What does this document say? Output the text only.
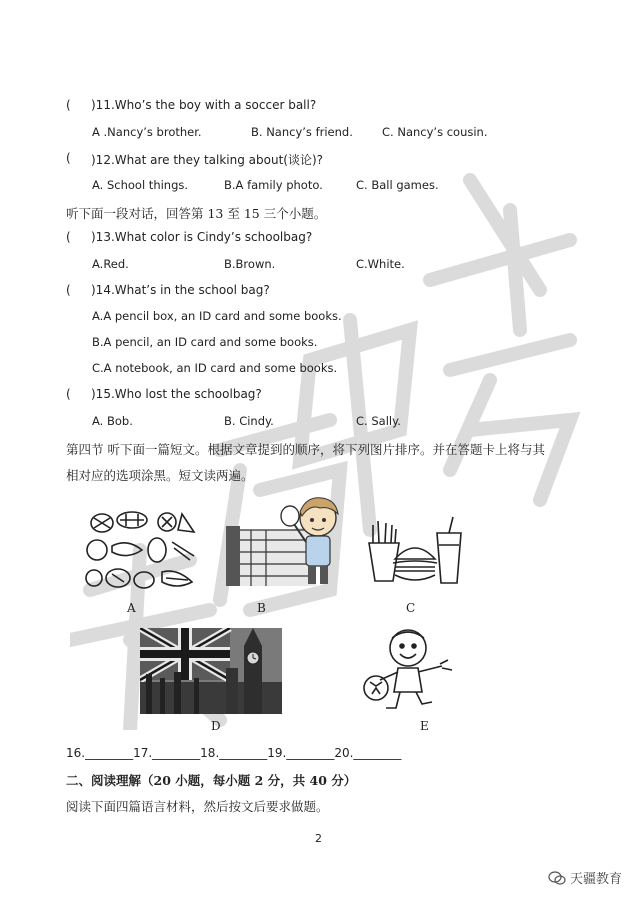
( )11.Who’s the boy with a soccer ball?
A .Nancy’s brother.	B. Nancy’s friend.	C. Nancy’s cousin.
( )12.What are they talking about(谈论)?
A. School things.	B.A family photo.	C. Ball games.
听下面一段对话，回答第 13 至 15 三个小题。
( )13.What color is Cindy’s schoolbag?
A.Red.	B.Brown.	C.White.
( )14.What’s in the school bag?
A.A pencil box, an ID card and some books.
B.A pencil, an ID card and some books.
C.A notebook, an ID card and some books.
( )15.Who lost the schoolbag?
A. Bob.	B. Cindy.	C. Sally.
第四节 听下面一篇短文。根据文章提到的顺序，将下列图片排序。并在答题卡上将与其
相对应的选项涂黑。短文读两遍。
A	B	C
D	E
16.________17.________18.________19.________20.________
二、阅读理解（20 小题，每小题 2 分，共 40 分）
阅读下面四篇语言材料，然后按文后要求做题。
2
天疆教育
